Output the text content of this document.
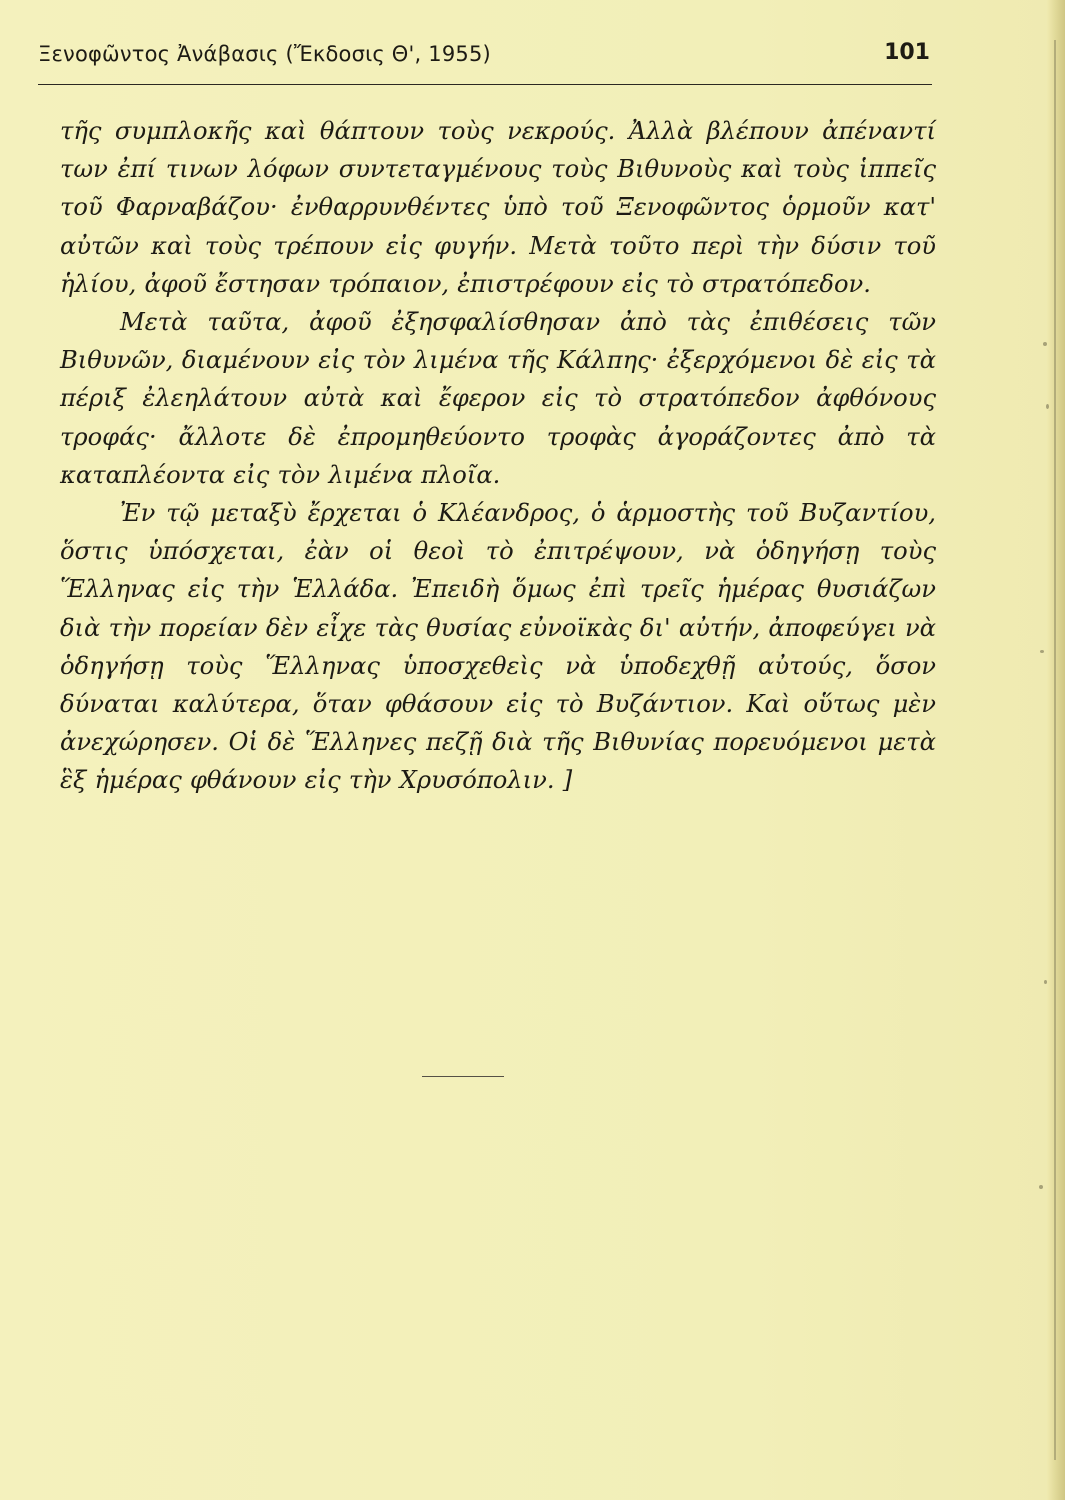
Ξενοφῶντος Ἀνάβασις (Ἔκδοσις Θ', 1955)	101

τῆς συμπλοκῆς καὶ θάπτουν τοὺς νεκρούς. Ἀλλὰ βλέπουν ἀπέναντί των ἐπί τινων λόφων συντεταγμένους τοὺς Βιθυνοὺς καὶ τοὺς ἱππεῖς τοῦ Φαρναβάζου· ἐνθαρρυνθέντες ὑπὸ τοῦ Ξενοφῶντος ὁρμοῦν κατ' αὐτῶν καὶ τοὺς τρέπουν εἰς φυγήν. Μετὰ τοῦτο περὶ τὴν δύσιν τοῦ ἡλίου, ἀφοῦ ἔστησαν τρόπαιον, ἐπιστρέφουν εἰς τὸ στρατόπεδον.

Μετὰ ταῦτα, ἀφοῦ ἐξησφαλίσθησαν ἀπὸ τὰς ἐπιθέσεις τῶν Βιθυνῶν, διαμένουν εἰς τὸν λιμένα τῆς Κάλπης· ἐξερχόμενοι δὲ εἰς τὰ πέριξ ἐλεηλάτουν αὐτὰ καὶ ἔφερον εἰς τὸ στρατόπεδον ἀφθόνους τροφάς· ἄλλοτε δὲ ἐπρομηθεύοντο τροφὰς ἀγοράζοντες ἀπὸ τὰ καταπλέοντα εἰς τὸν λιμένα πλοῖα.

Ἐν τῷ μεταξὺ ἔρχεται ὁ Κλέανδρος, ὁ ἁρμοστὴς τοῦ Βυζαντίου, ὅστις ὑπόσχεται, ἐὰν οἱ θεοὶ τὸ ἐπιτρέψουν, νὰ ὁδηγήσῃ τοὺς Ἕλληνας εἰς τὴν Ἑλλάδα. Ἐπειδὴ ὅμως ἐπὶ τρεῖς ἡμέρας θυσιάζων διὰ τὴν πορείαν δὲν εἶχε τὰς θυσίας εὐνοϊκὰς δι' αὐτήν, ἀποφεύγει νὰ ὁδηγήσῃ τοὺς Ἕλληνας ὑποσχεθεὶς νὰ ὑποδεχθῇ αὐτούς, ὅσον δύναται καλύτερα, ὅταν φθάσουν εἰς τὸ Βυζάντιον. Καὶ οὕτως μὲν ἀνεχώρησεν. Οἱ δὲ Ἕλληνες πεζῇ διὰ τῆς Βιθυνίας πορευόμενοι μετὰ ἓξ ἡμέρας φθάνουν εἰς τὴν Χρυσόπολιν. ]
